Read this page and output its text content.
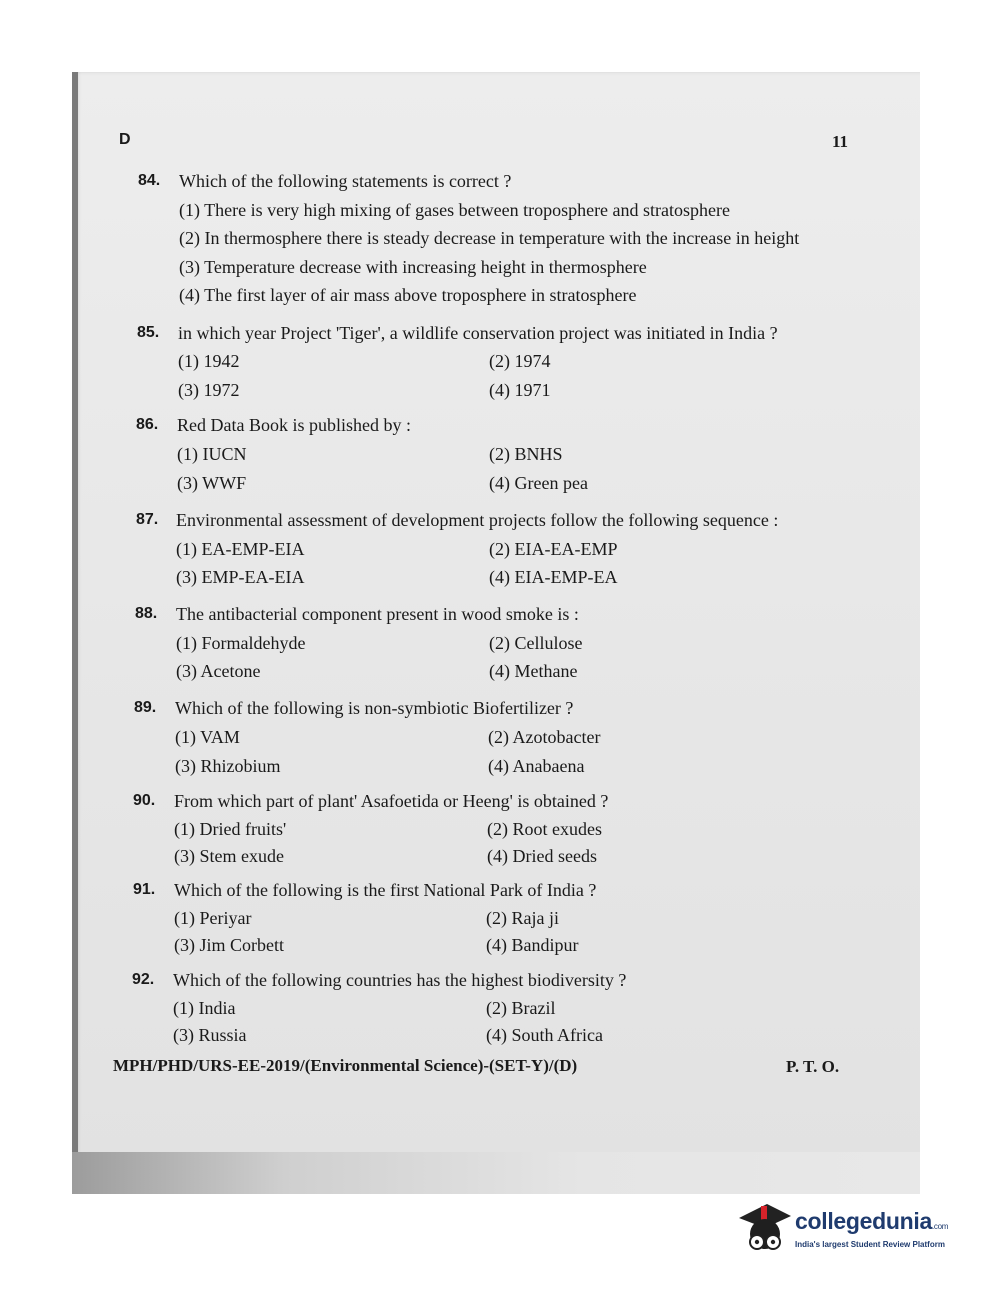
D	11
84. Which of the following statements is correct ?
(1) There is very high mixing of gases between troposphere and stratosphere
(2) In thermosphere there is steady decrease in temperature with the increase in height
(3) Temperature decrease with increasing height in thermosphere
(4) The first layer of air mass above troposphere in stratosphere
85. in which year Project 'Tiger', a wildlife conservation project was initiated in India ?
(1) 1942	(2) 1974
(3) 1972	(4) 1971
86. Red Data Book is published by :
(1) IUCN	(2) BNHS
(3) WWF	(4) Green pea
87. Environmental assessment of development projects follow the following sequence :
(1) EA-EMP-EIA	(2) EIA-EA-EMP
(3) EMP-EA-EIA	(4) EIA-EMP-EA
88. The antibacterial component present in wood smoke is :
(1) Formaldehyde	(2) Cellulose
(3) Acetone	(4) Methane
89. Which of the following is non-symbiotic Biofertilizer ?
(1) VAM	(2) Azotobacter
(3) Rhizobium	(4) Anabaena
90. From which part of plant' Asafoetida or Heeng' is obtained ?
(1) Dried fruits'	(2) Root exudes
(3) Stem exude	(4) Dried seeds
91. Which of the following is the first National Park of India ?
(1) Periyar	(2) Raja ji
(3) Jim Corbett	(4) Bandipur
92. Which of the following countries has the highest biodiversity ?
(1) India	(2) Brazil
(3) Russia	(4) South Africa
MPH/PHD/URS-EE-2019/(Environmental Science)-(SET-Y)/(D)	P. T. O.
collegedunia.com
India's largest Student Review Platform
